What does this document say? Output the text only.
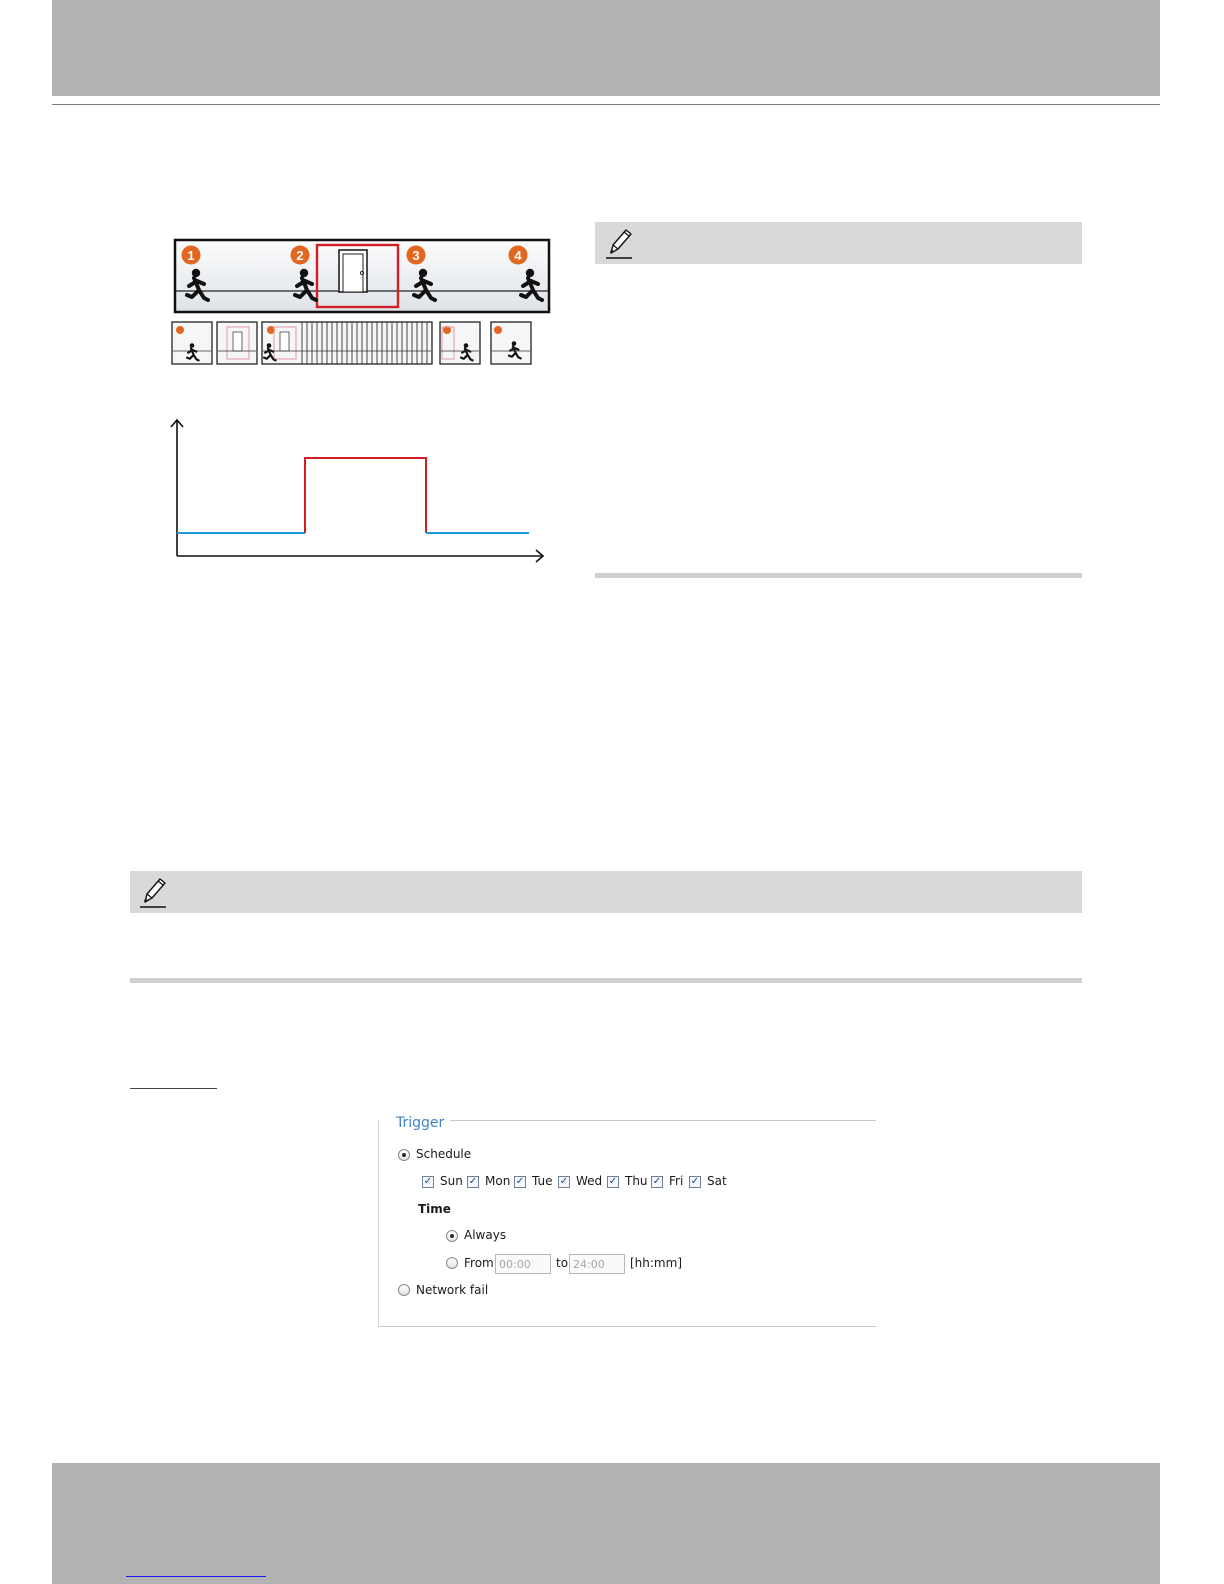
1	2	3	4
Trigger
Schedule
✓ Sun ✓ Mon ✓ Tue ✓ Wed ✓ Thu ✓ Fri ✓ Sat
Time
Always
From 00:00	to 24:00	[hh:mm]
Network fail
